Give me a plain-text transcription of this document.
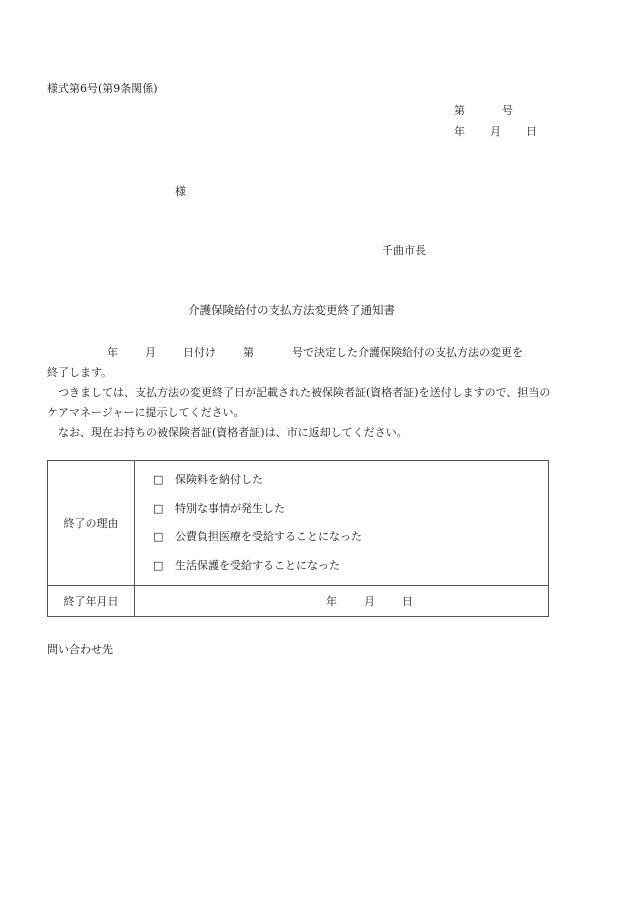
様式第6号(第9条関係)
第	号
年 月 日
様
千曲市長
介護保険給付の支払方法変更終了通知書

年 月 日付け 第	号で決定した介護保険給付の支払方法の変更を

終了します。

つきましては、支払方法の変更終了日が記載された被保険者証(資格者証)を送付しますので、担当のケアマネージャーに提示してください。

なお、現在お持ちの被保険者証(資格者証)は、市に返却してください。

終了の理由	□ 保険料を納付した
□ 特別な事情が発生した
□ 公費負担医療を受給することになった
□ 生活保護を受給することになった

終了年月日	年 月 日
問い合わせ先
